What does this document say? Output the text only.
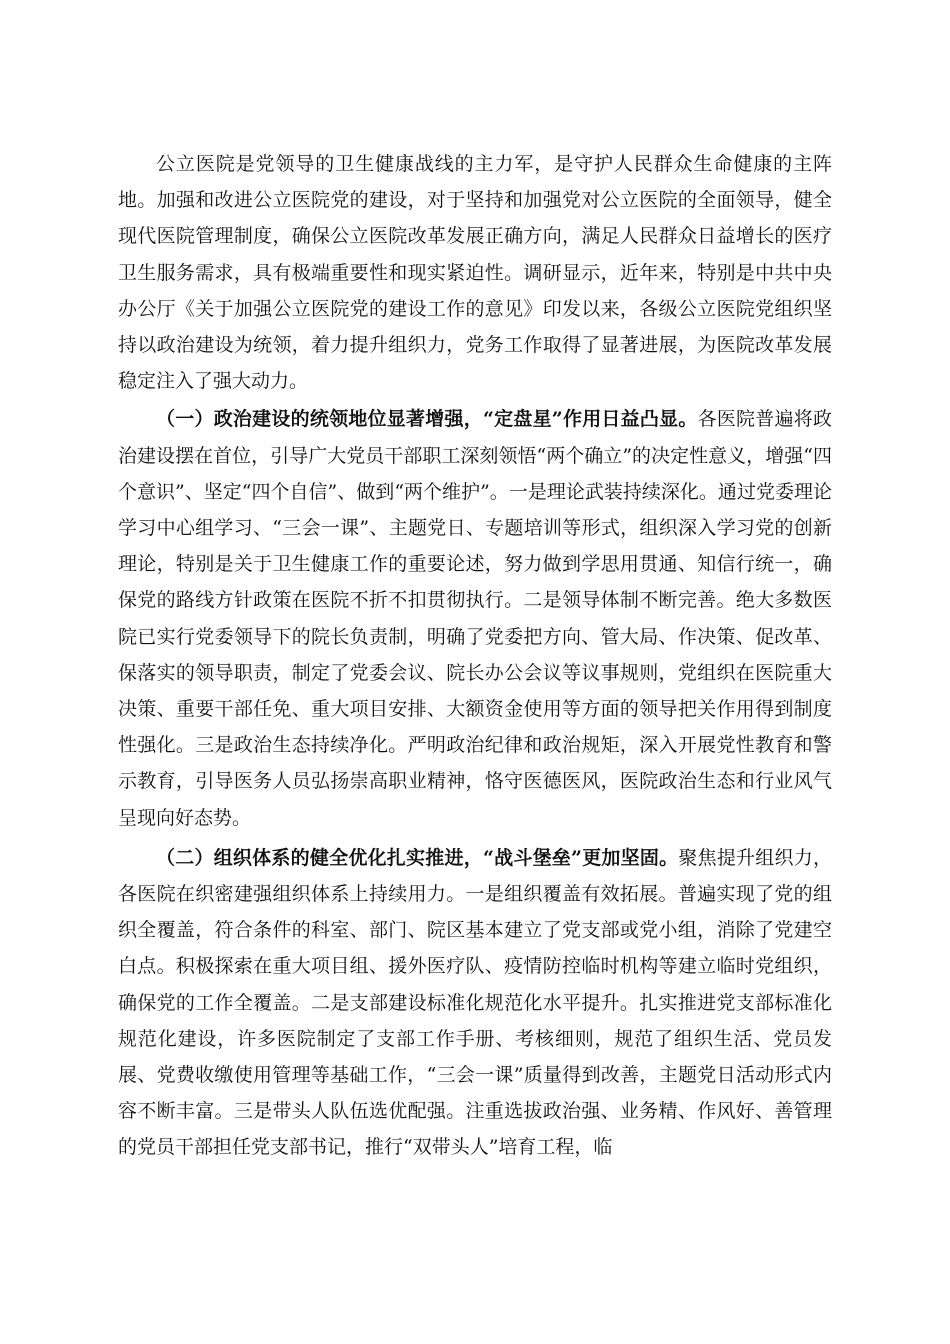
公立医院是党领导的卫生健康战线的主力军，是守护人民群众生命健康的主阵地。加强和改进公立医院党的建设，对于坚持和加强党对公立医院的全面领导，健全现代医院管理制度，确保公立医院改革发展正确方向，满足人民群众日益增长的医疗卫生服务需求，具有极端重要性和现实紧迫性。调研显示，近年来，特别是中共中央办公厅《关于加强公立医院党的建设工作的意见》印发以来，各级公立医院党组织坚持以政治建设为统领，着力提升组织力，党务工作取得了显著进展，为医院改革发展稳定注入了强大动力。

（一）政治建设的统领地位显著增强，“定盘星”作用日益凸显。各医院普遍将政治建设摆在首位，引导广大党员干部职工深刻领悟“两个确立”的决定性意义，增强“四个意识”、坚定“四个自信”、做到“两个维护”。一是理论武装持续深化。通过党委理论学习中心组学习、“三会一课”、主题党日、专题培训等形式，组织深入学习党的创新理论，特别是关于卫生健康工作的重要论述，努力做到学思用贯通、知信行统一，确保党的路线方针政策在医院不折不扣贯彻执行。二是领导体制不断完善。绝大多数医院已实行党委领导下的院长负责制，明确了党委把方向、管大局、作决策、促改革、保落实的领导职责，制定了党委会议、院长办公会议等议事规则，党组织在医院重大决策、重要干部任免、重大项目安排、大额资金使用等方面的领导把关作用得到制度性强化。三是政治生态持续净化。严明政治纪律和政治规矩，深入开展党性教育和警示教育，引导医务人员弘扬崇高职业精神，恪守医德医风，医院政治生态和行业风气呈现向好态势。

（二）组织体系的健全优化扎实推进，“战斗堡垒”更加坚固。聚焦提升组织力，各医院在织密建强组织体系上持续用力。一是组织覆盖有效拓展。普遍实现了党的组织全覆盖，符合条件的科室、部门、院区基本建立了党支部或党小组，消除了党建空白点。积极探索在重大项目组、援外医疗队、疫情防控临时机构等建立临时党组织，确保党的工作全覆盖。二是支部建设标准化规范化水平提升。扎实推进党支部标准化规范化建设，许多医院制定了支部工作手册、考核细则，规范了组织生活、党员发展、党费收缴使用管理等基础工作，“三会一课”质量得到改善，主题党日活动形式内容不断丰富。三是带头人队伍选优配强。注重选拔政治强、业务精、作风好、善管理的党员干部担任党支部书记，推行“双带头人”培育工程，临
